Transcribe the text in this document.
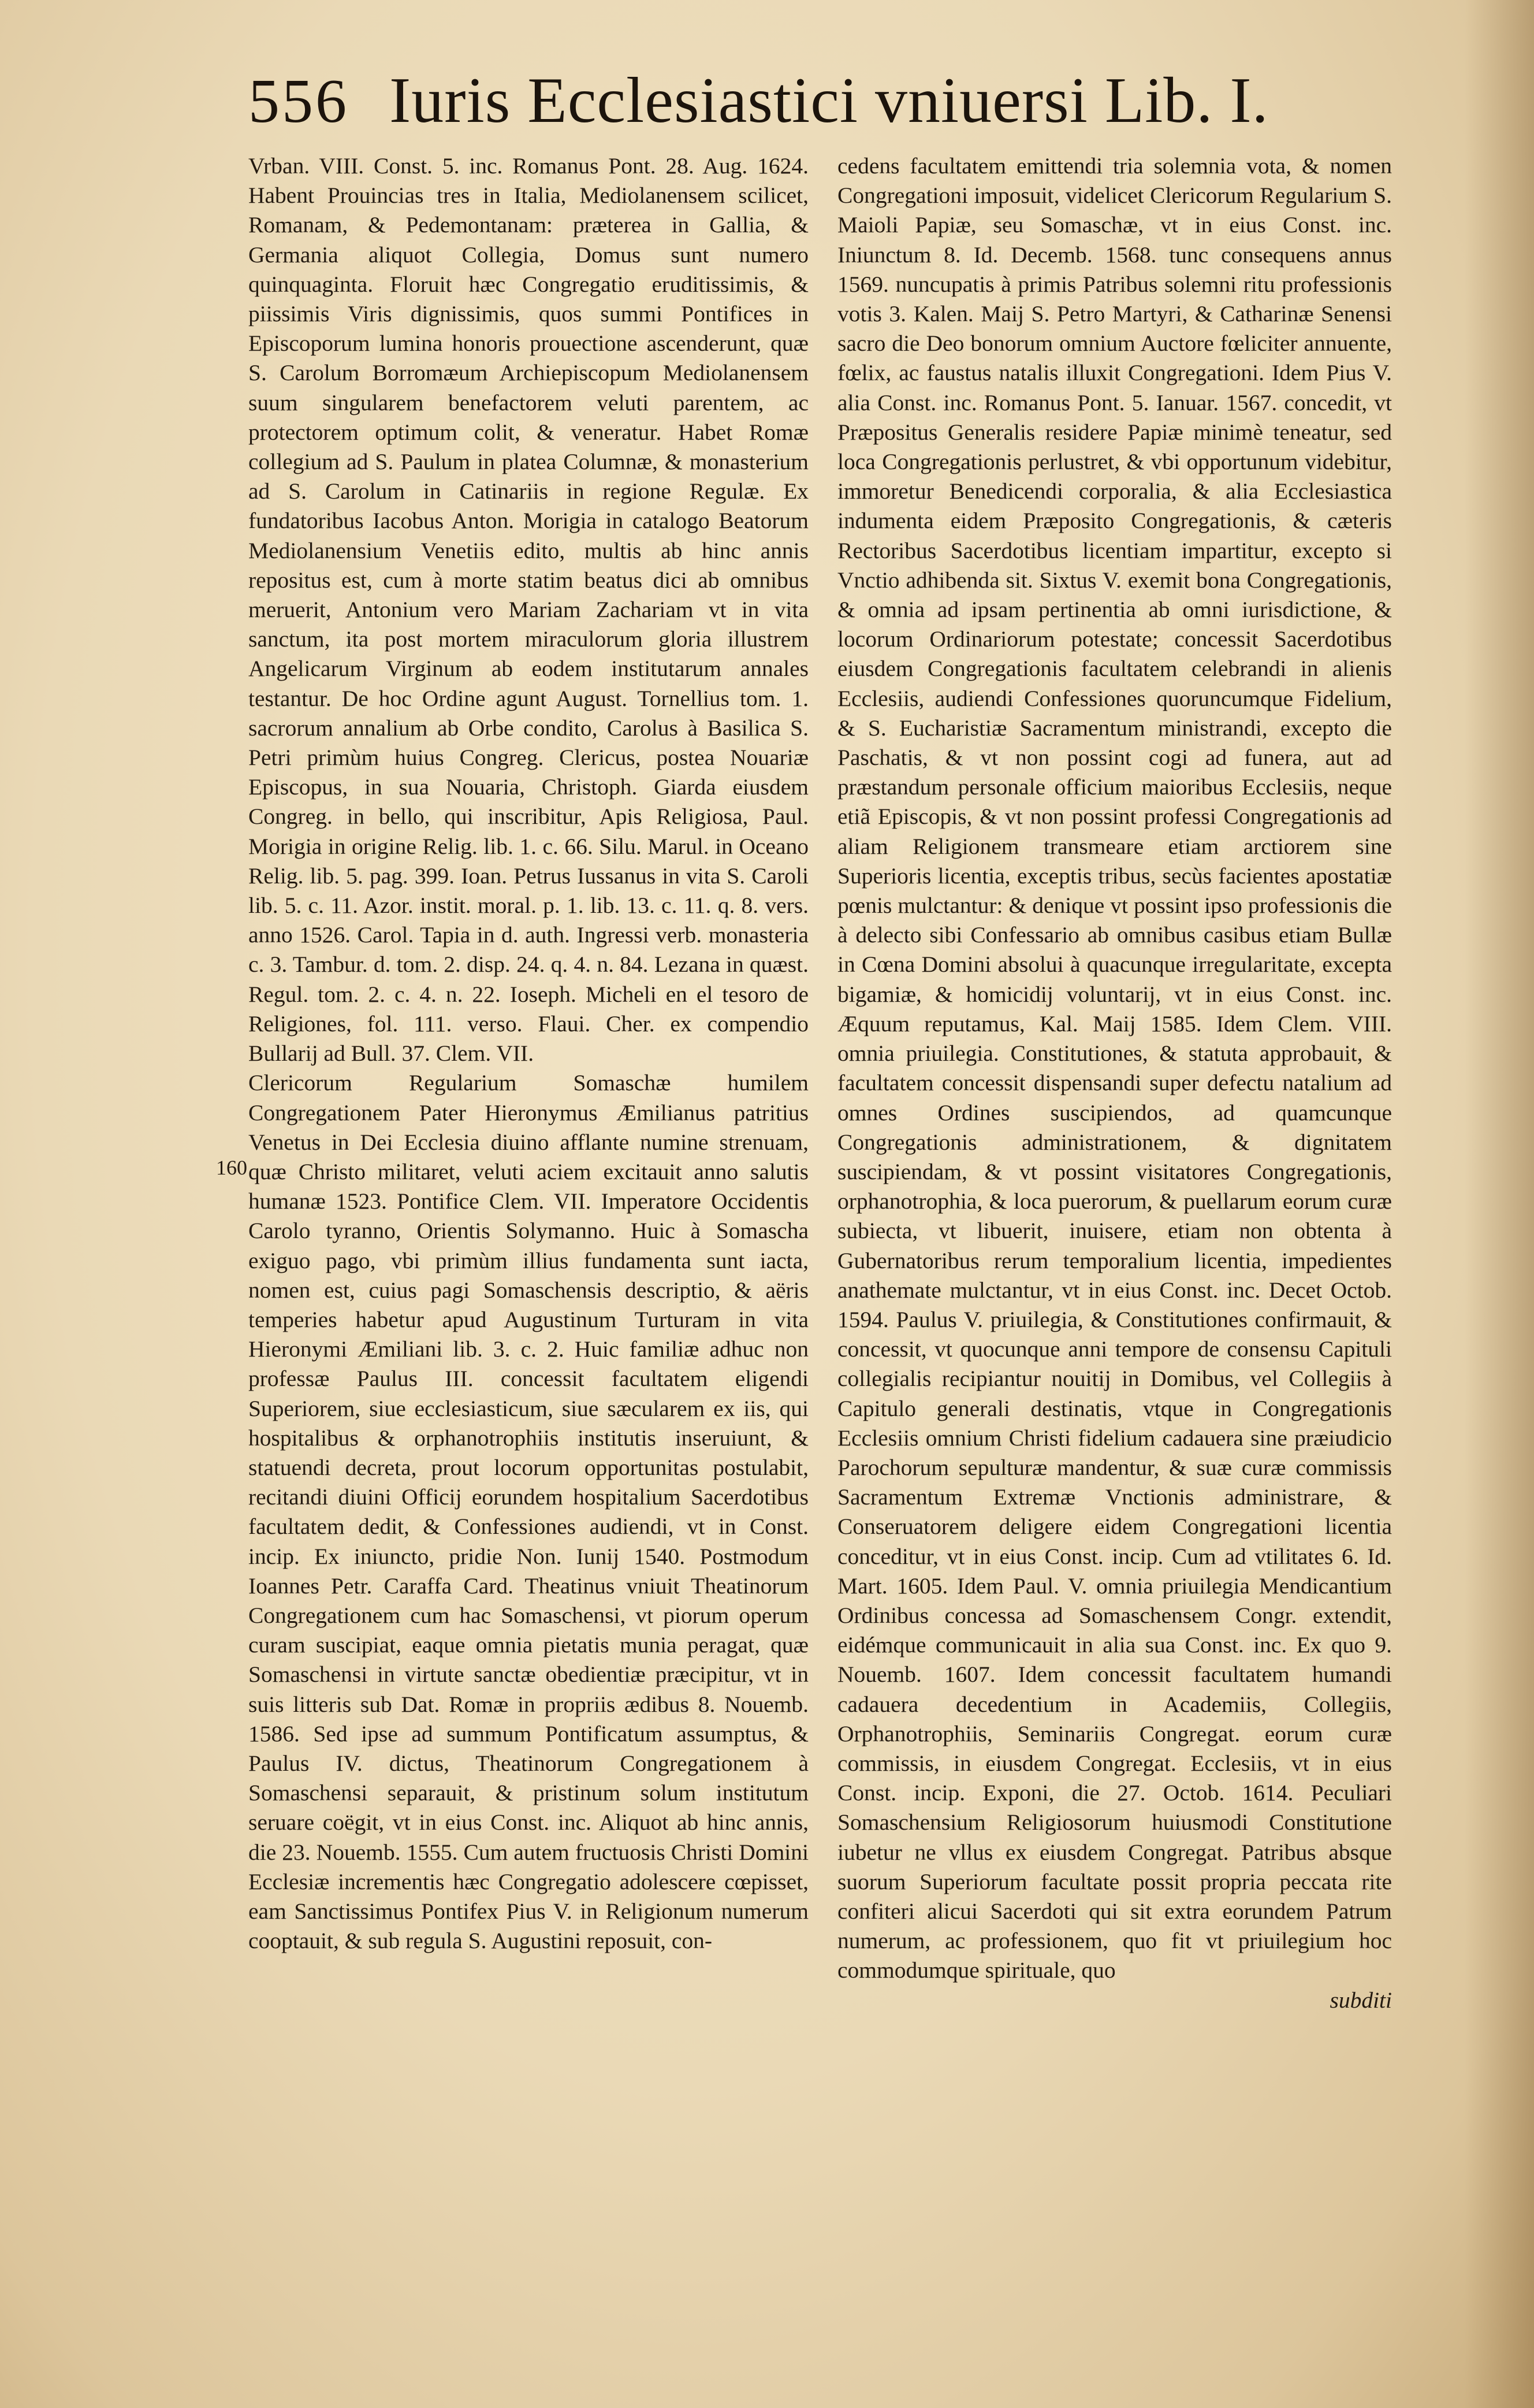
556 Iuris Ecclesiastici vniuersi Lib. I.
160

Vrban. VIII. Const. 5. inc. Romanus Pont. 28. Aug. 1624. Habent Prouincias tres in Italia, Mediolanensem scilicet, Romanam, & Pedemontanam: præterea in Gallia, & Germania aliquot Collegia, Domus sunt numero quinquaginta. Floruit hæc Congregatio eruditissimis, & piissimis Viris dignissimis, quos summi Pontifices in Episcoporum lumina honoris prouectione ascenderunt, quæ S. Carolum Borromæum Archiepiscopum Mediolanensem suum singularem benefactorem veluti parentem, ac protectorem optimum colit, & veneratur. Habet Romæ collegium ad S. Paulum in platea Columnæ, & monasterium ad S. Carolum in Catinariis in regione Regulæ. Ex fundatoribus Iacobus Anton. Morigia in catalogo Beatorum Mediolanensium Venetiis edito, multis ab hinc annis repositus est, cum à morte statim beatus dici ab omnibus meruerit, Antonium vero Mariam Zachariam vt in vita sanctum, ita post mortem miraculorum gloria illustrem Angelicarum Virginum ab eodem institutarum annales testantur. De hoc Ordine agunt August. Tornellius tom. 1. sacrorum annalium ab Orbe condito, Carolus à Basilica S. Petri primùm huius Congreg. Clericus, postea Nouariæ Episcopus, in sua Nouaria, Christoph. Giarda eiusdem Congreg. in bello, qui inscribitur, Apis Religiosa, Paul. Morigia in origine Relig. lib. 1. c. 66. Silu. Marul. in Oceano Relig. lib. 5. pag. 399. Ioan. Petrus Iussanus in vita S. Caroli lib. 5. c. 11. Azor. instit. moral. p. 1. lib. 13. c. 11. q. 8. vers. anno 1526. Carol. Tapia in d. auth. Ingressi verb. monasteria c. 3. Tambur. d. tom. 2. disp. 24. q. 4. n. 84. Lezana in quæst. Regul. tom. 2. c. 4. n. 22. Ioseph. Micheli en el tesoro de Religiones, fol. 111. verso. Flaui. Cher. ex compendio Bullarij ad Bull. 37. Clem. VII.

Clericorum Regularium Somaschæ humilem Congregationem Pater Hieronymus Æmilianus patritius Venetus in Dei Ecclesia diuino afflante numine strenuam, quæ Christo militaret, veluti aciem excitauit anno salutis humanæ 1523. Pontifice Clem. VII. Imperatore Occidentis Carolo tyranno, Orientis Solymanno. Huic à Somascha exiguo pago, vbi primùm illius fundamenta sunt iacta, nomen est, cuius pagi Somaschensis descriptio, & aëris temperies habetur apud Augustinum Turturam in vita Hieronymi Æmiliani lib. 3. c. 2. Huic familiæ adhuc non professæ Paulus III. concessit facultatem eligendi Superiorem, siue ecclesiasticum, siue sæcularem ex iis, qui hospitalibus & orphanotrophiis institutis inseruiunt, & statuendi decreta, prout locorum opportunitas postulabit, recitandi diuini Officij eorundem hospitalium Sacerdotibus facultatem dedit, & Confessiones audiendi, vt in Const. incip. Ex iniuncto, pridie Non. Iunij 1540. Postmodum Ioannes Petr. Caraffa Card. Theatinus vniuit Theatinorum Congregationem cum hac Somaschensi, vt piorum operum curam suscipiat, eaque omnia pietatis munia peragat, quæ Somaschensi in virtute sanctæ obedientiæ præcipitur, vt in suis litteris sub Dat. Romæ in propriis ædibus 8. Nouemb. 1586. Sed ipse ad summum Pontificatum assumptus, & Paulus IV. dictus, Theatinorum Congregationem à Somaschensi separauit, & pristinum solum institutum seruare coëgit, vt in eius Const. inc. Aliquot ab hinc annis, die 23. Nouemb. 1555. Cum autem fructuosis Christi Domini Ecclesiæ incrementis hæc Congregatio adolescere cœpisset, eam Sanctissimus Pontifex Pius V. in Religionum numerum cooptauit, & sub regula S. Augustini reposuit, con-

cedens facultatem emittendi tria solemnia vota, & nomen Congregationi imposuit, videlicet Clericorum Regularium S. Maioli Papiæ, seu Somaschæ, vt in eius Const. inc. Iniunctum 8. Id. Decemb. 1568. tunc consequens annus 1569. nuncupatis à primis Patribus solemni ritu professionis votis 3. Kalen. Maij S. Petro Martyri, & Catharinæ Senensi sacro die Deo bonorum omnium Auctore fœliciter annuente, fœlix, ac faustus natalis illuxit Congregationi. Idem Pius V. alia Const. inc. Romanus Pont. 5. Ianuar. 1567. concedit, vt Præpositus Generalis residere Papiæ minimè teneatur, sed loca Congregationis perlustret, & vbi opportunum videbitur, immoretur Benedicendi corporalia, & alia Ecclesiastica indumenta eidem Præposito Congregationis, & cæteris Rectoribus Sacerdotibus licentiam impartitur, excepto si Vnctio adhibenda sit. Sixtus V. exemit bona Congregationis, & omnia ad ipsam pertinentia ab omni iurisdictione, & locorum Ordinariorum potestate; concessit Sacerdotibus eiusdem Congregationis facultatem celebrandi in alienis Ecclesiis, audiendi Confessiones quoruncumque Fidelium, & S. Eucharistiæ Sacramentum ministrandi, excepto die Paschatis, & vt non possint cogi ad funera, aut ad præstandum personale officium maioribus Ecclesiis, neque etiã Episcopis, & vt non possint professi Congregationis ad aliam Religionem transmeare etiam arctiorem sine Superioris licentia, exceptis tribus, secùs facientes apostatiæ pœnis mulctantur: & denique vt possint ipso professionis die à delecto sibi Confessario ab omnibus casibus etiam Bullæ in Cœna Domini absolui à quacunque irregularitate, excepta bigamiæ, & homicidij voluntarij, vt in eius Const. inc. Æquum reputamus, Kal. Maij 1585. Idem Clem. VIII. omnia priuilegia. Constitutiones, & statuta approbauit, & facultatem concessit dispensandi super defectu natalium ad omnes Ordines suscipiendos, ad quamcunque Congregationis administrationem, & dignitatem suscipiendam, & vt possint visitatores Congregationis, orphanotrophia, & loca puerorum, & puellarum eorum curæ subiecta, vt libuerit, inuisere, etiam non obtenta à Gubernatoribus rerum temporalium licentia, impedientes anathemate mulctantur, vt in eius Const. inc. Decet Octob. 1594. Paulus V. priuilegia, & Constitutiones confirmauit, & concessit, vt quocunque anni tempore de consensu Capituli collegialis recipiantur nouitij in Domibus, vel Collegiis à Capitulo generali destinatis, vtque in Congregationis Ecclesiis omnium Christi fidelium cadauera sine præiudicio Parochorum sepulturæ mandentur, & suæ curæ commissis Sacramentum Extremæ Vnctionis administrare, & Conseruatorem deligere eidem Congregationi licentia conceditur, vt in eius Const. incip. Cum ad vtilitates 6. Id. Mart. 1605. Idem Paul. V. omnia priuilegia Mendicantium Ordinibus concessa ad Somaschensem Congr. extendit, eidémque communicauit in alia sua Const. inc. Ex quo 9. Nouemb. 1607. Idem concessit facultatem humandi cadauera decedentium in Academiis, Collegiis, Orphanotrophiis, Seminariis Congregat. eorum curæ commissis, in eiusdem Congregat. Ecclesiis, vt in eius Const. incip. Exponi, die 27. Octob. 1614. Peculiari Somaschensium Religiosorum huiusmodi Constitutione iubetur ne vllus ex eiusdem Congregat. Patribus absque suorum Superiorum facultate possit propria peccata rite confiteri alicui Sacerdoti qui sit extra eorundem Patrum numerum, ac professionem, quo fit vt priuilegium hoc commodumque spirituale, quo

subditi
